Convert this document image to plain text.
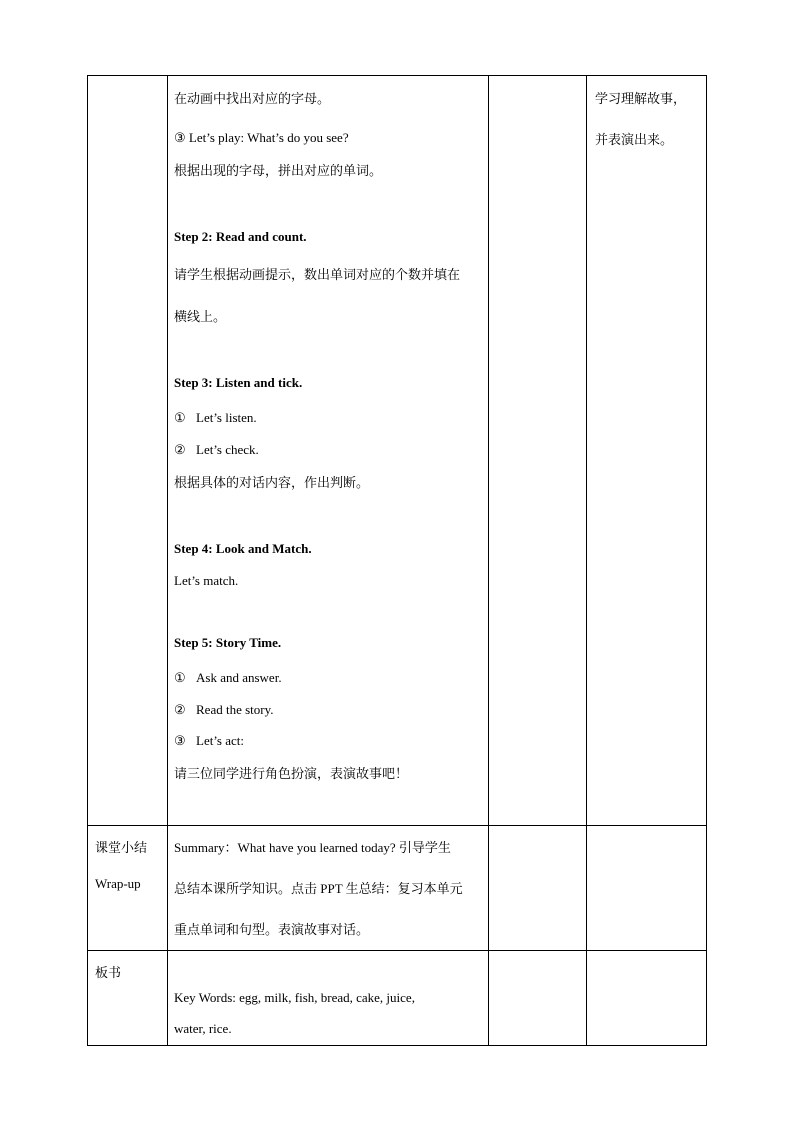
在动画中找出对应的字母。
③ Let’s play: What’s do you see?
根据出现的字母，拼出对应的单词。
Step 2: Read and count.
请学生根据动画提示，数出单词对应的个数并填在
横线上。
Step 3: Listen and tick.
① Let’s listen.
② Let’s check.
根据具体的对话内容，作出判断。
Step 4: Look and Match.
Let’s match.
Step 5: Story Time.
① Ask and answer.
② Read the story.
③ Let’s act:
请三位同学进行角色扮演，表演故事吧！
学习理解故事，
并表演出来。
课堂小结
Wrap-up
Summary：What have you learned today? 引导学生
总结本课所学知识。点击 PPT 生总结：复习本单元
重点单词和句型。表演故事对话。
板书
Key Words: egg, milk, fish, bread, cake, juice,
water, rice.
